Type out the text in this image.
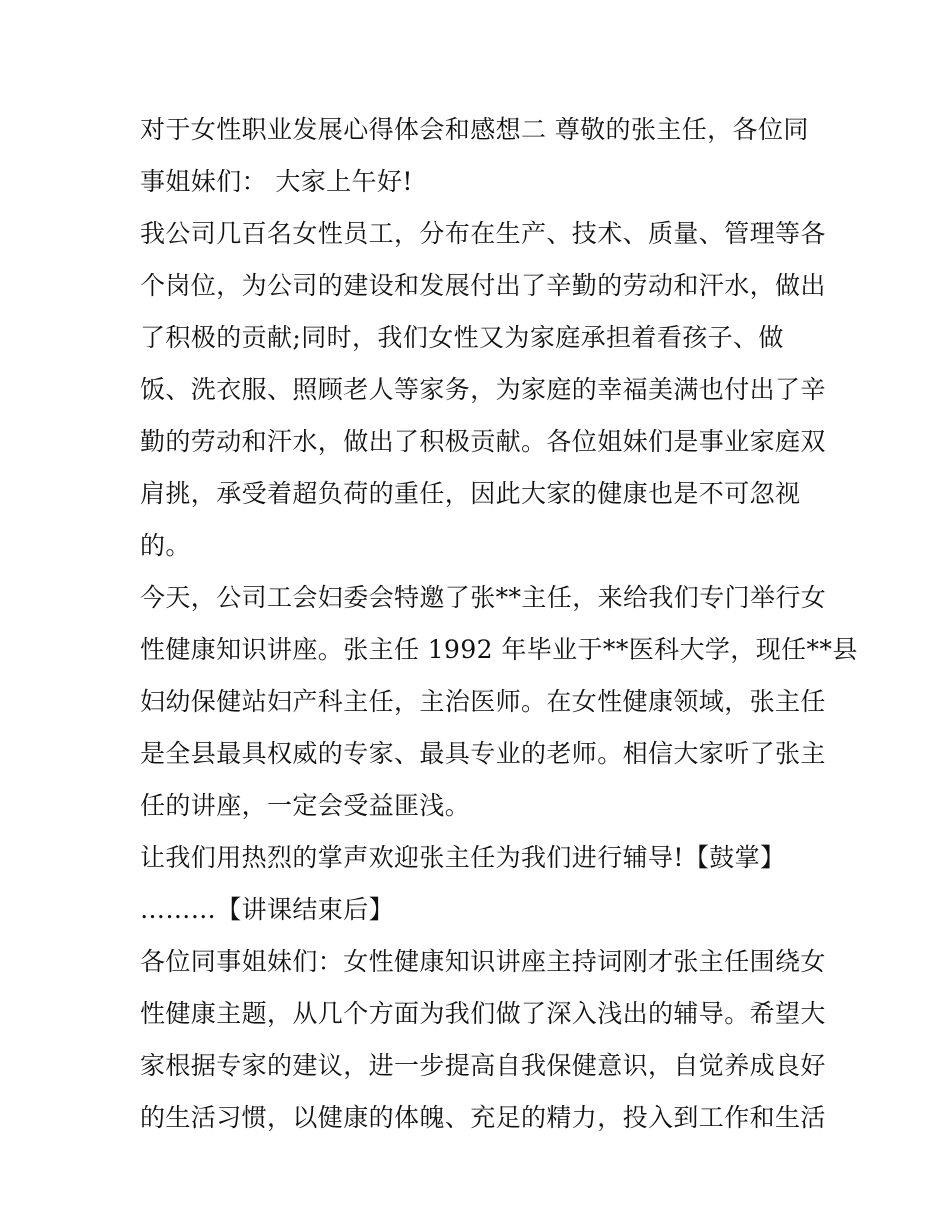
对于女性职业发展心得体会和感想二 尊敬的张主任，各位同
事姐妹们： 大家上午好!
我公司几百名女性员工，分布在生产、技术、质量、管理等各
个岗位，为公司的建设和发展付出了辛勤的劳动和汗水，做出
了积极的贡献;同时，我们女性又为家庭承担着看孩子、做
饭、洗衣服、照顾老人等家务，为家庭的幸福美满也付出了辛
勤的劳动和汗水，做出了积极贡献。各位姐妹们是事业家庭双
肩挑，承受着超负荷的重任，因此大家的健康也是不可忽视
的。
今天，公司工会妇委会特邀了张**主任，来给我们专门举行女
性健康知识讲座。张主任 1992 年毕业于**医科大学，现任**县
妇幼保健站妇产科主任，主治医师。在女性健康领域，张主任
是全县最具权威的专家、最具专业的老师。相信大家听了张主
任的讲座，一定会受益匪浅。
让我们用热烈的掌声欢迎张主任为我们进行辅导!【鼓掌】
………【讲课结束后】
各位同事姐妹们：女性健康知识讲座主持词刚才张主任围绕女
性健康主题，从几个方面为我们做了深入浅出的辅导。希望大
家根据专家的建议，进一步提高自我保健意识，自觉养成良好
的生活习惯，以健康的体魄、充足的精力，投入到工作和生活
